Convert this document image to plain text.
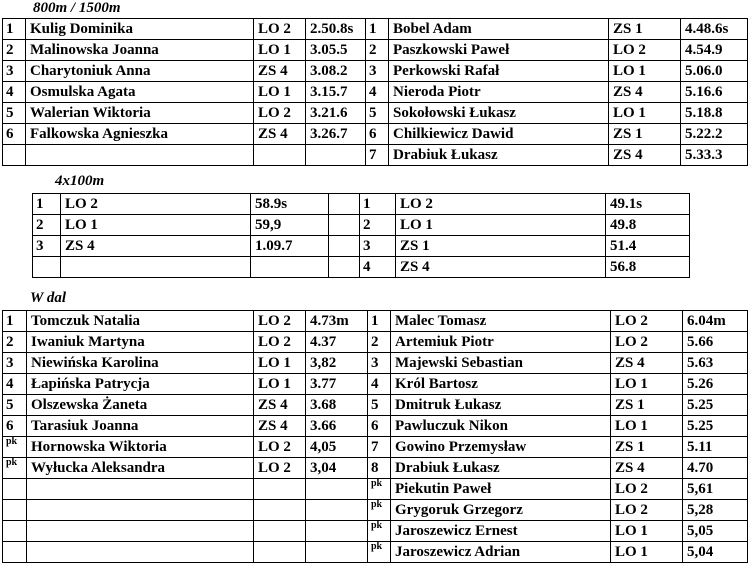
800m / 1500m
1	Kulig Dominika	LO 2	2.50.8s	1	Bobel Adam	ZS 1	4.48.6s
2	Malinowska Joanna	LO 1	3.05.5	2	Paszkowski Paweł	LO 2	4.54.9
3	Charytoniuk Anna	ZS 4	3.08.2	3	Perkowski Rafał	LO 1	5.06.0
4	Osmulska Agata	LO 1	3.15.7	4	Nieroda Piotr	ZS 4	5.16.6
5	Walerian Wiktoria	LO 2	3.21.6	5	Sokołowski Łukasz	LO 1	5.18.8
6	Falkowska Agnieszka	ZS 4	3.26.7	6	Chilkiewicz Dawid	ZS 1	5.22.2
				7	Drabiuk Łukasz	ZS 4	5.33.3
4x100m
1	LO 2	58.9s		1	LO 2	49.1s
2	LO 1	59,9		2	LO 1	49.8
3	ZS 4	1.09.7		3	ZS 1	51.4
				4	ZS 4	56.8
W dal
1	Tomczuk Natalia	LO 2	4.73m	1	Malec Tomasz	LO 2	6.04m
2	Iwaniuk Martyna	LO 2	4.37	2	Artemiuk Piotr	LO 2	5.66
3	Niewińska Karolina	LO 1	3,82	3	Majewski Sebastian	ZS 4	5.63
4	Łapińska Patrycja	LO 1	3.77	4	Król Bartosz	LO 1	5.26
5	Olszewska Żaneta	ZS 4	3.68	5	Dmitruk Łukasz	ZS 1	5.25
6	Tarasiuk Joanna	ZS 4	3.66	6	Pawluczuk Nikon	LO 1	5.25
pk	Hornowska Wiktoria	LO 2	4,05	7	Gowino Przemysław	ZS 1	5.11
pk	Wyłucka Aleksandra	LO 2	3,04	8	Drabiuk Łukasz	ZS 4	4.70
				pk	Piekutin Paweł	LO 2	5,61
				pk	Grygoruk Grzegorz	LO 2	5,28
				pk	Jaroszewicz Ernest	LO 1	5,05
				pk	Jaroszewicz Adrian	LO 1	5,04
